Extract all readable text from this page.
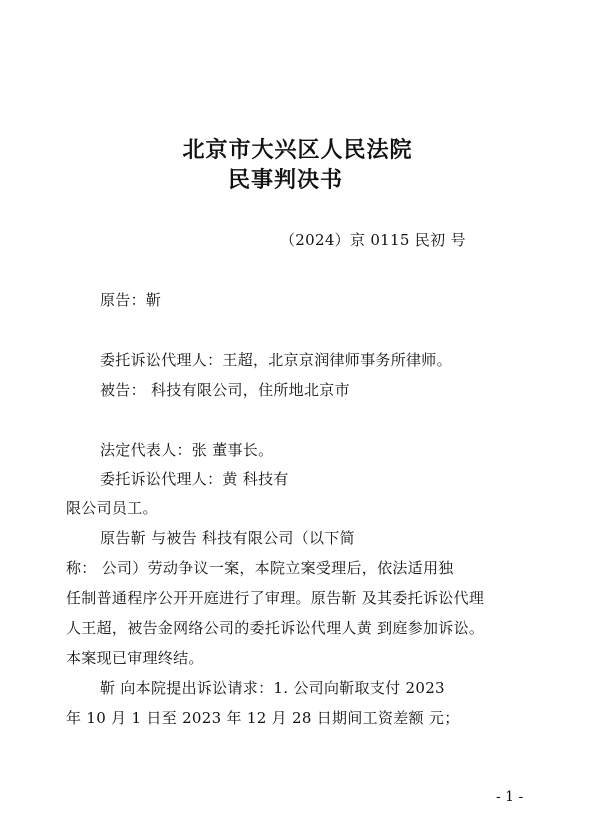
北京市大兴区人民法院
民事判决书
（2024）京 0115 民初 号
原告：靳
委托诉讼代理人：王超，北京京润律师事务所律师。
被告： 科技有限公司，住所地北京市
法定代表人：张 董事长。
委托诉讼代理人：黄 科技有
限公司员工。
原告靳 与被告 科技有限公司（以下简
称： 公司）劳动争议一案，本院立案受理后，依法适用独
任制普通程序公开开庭进行了审理。原告靳 及其委托诉讼代理
人王超，被告金网络公司的委托诉讼代理人黄 到庭参加诉讼。
本案现已审理终结。
靳 向本院提出诉讼请求：1. 公司向靳取支付 2023
年 10 月 1 日至 2023 年 12 月 28 日期间工资差额 元；
- 1 -
